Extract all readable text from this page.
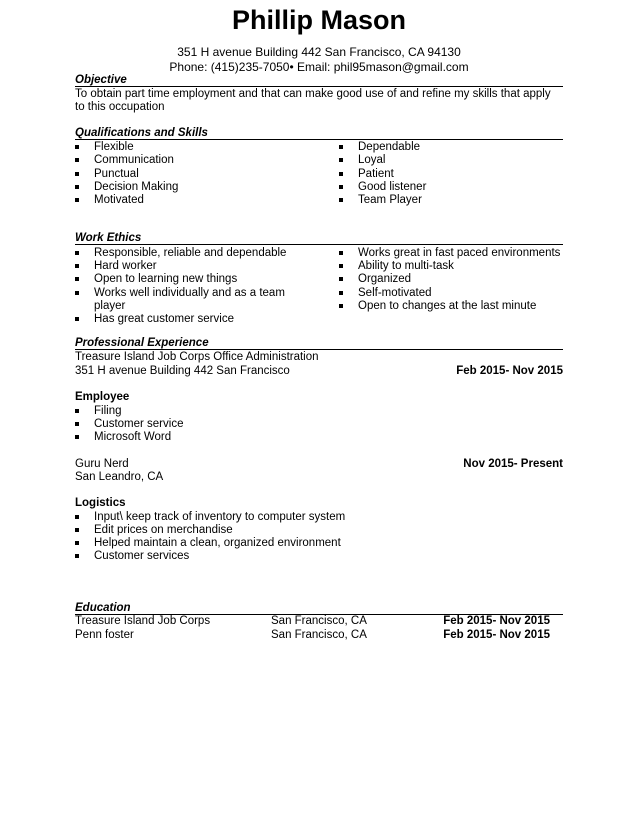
Phillip Mason
351 H avenue Building 442 San Francisco, CA 94130
Phone: (415)235-7050• Email: phil95mason@gmail.com
Objective
To obtain part time employment and that can make good use of and refine my skills that apply
to this occupation
Qualifications and Skills
Flexible
Communication
Punctual
Decision Making
Motivated
Dependable
Loyal
Patient
Good listener
Team Player
Work Ethics
Responsible, reliable and dependable
Hard worker
Open to learning new things
Works well individually and as a team
player
Has great customer service
Works great in fast paced environments
Ability to multi-task
Organized
Self-motivated
Open to changes at the last minute
Professional Experience
Treasure Island Job Corps Office Administration
351 H avenue Building 442 San Francisco	Feb 2015- Nov 2015
Employee
Filing
Customer service
Microsoft Word
Guru Nerd	Nov 2015- Present
San Leandro, CA
Logistics
Input\ keep track of inventory to computer system
Edit prices on merchandise
Helped maintain a clean, organized environment
Customer services
Education
Treasure Island Job Corps	San Francisco, CA	Feb 2015- Nov 2015
Penn foster	San Francisco, CA	Feb 2015- Nov 2015
